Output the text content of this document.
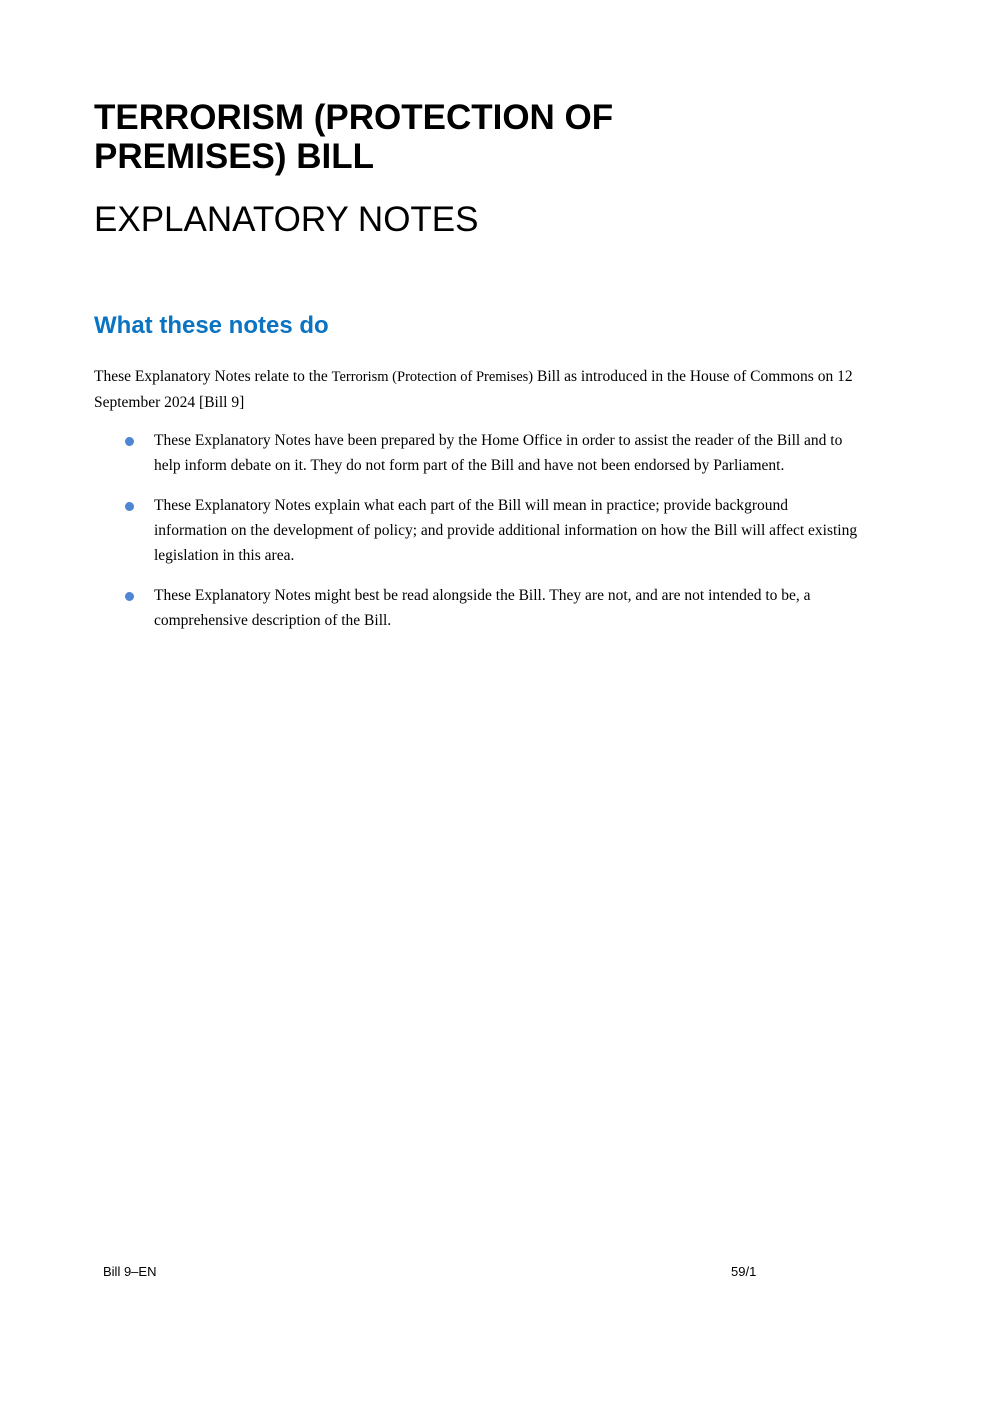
TERRORISM (PROTECTION OF PREMISES) BILL
EXPLANATORY NOTES
What these notes do

These Explanatory Notes relate to the Terrorism (Protection of Premises) Bill as introduced in the House of Commons on 12 September 2024 [Bill 9]

These Explanatory Notes have been prepared by the Home Office in order to assist the reader of the Bill and to help inform debate on it. They do not form part of the Bill and have not been endorsed by Parliament.
These Explanatory Notes explain what each part of the Bill will mean in practice; provide background information on the development of policy; and provide additional information on how the Bill will affect existing legislation in this area.
These Explanatory Notes might best be read alongside the Bill. They are not, and are not intended to be, a comprehensive description of the Bill.
Bill 9–EN	59/1
